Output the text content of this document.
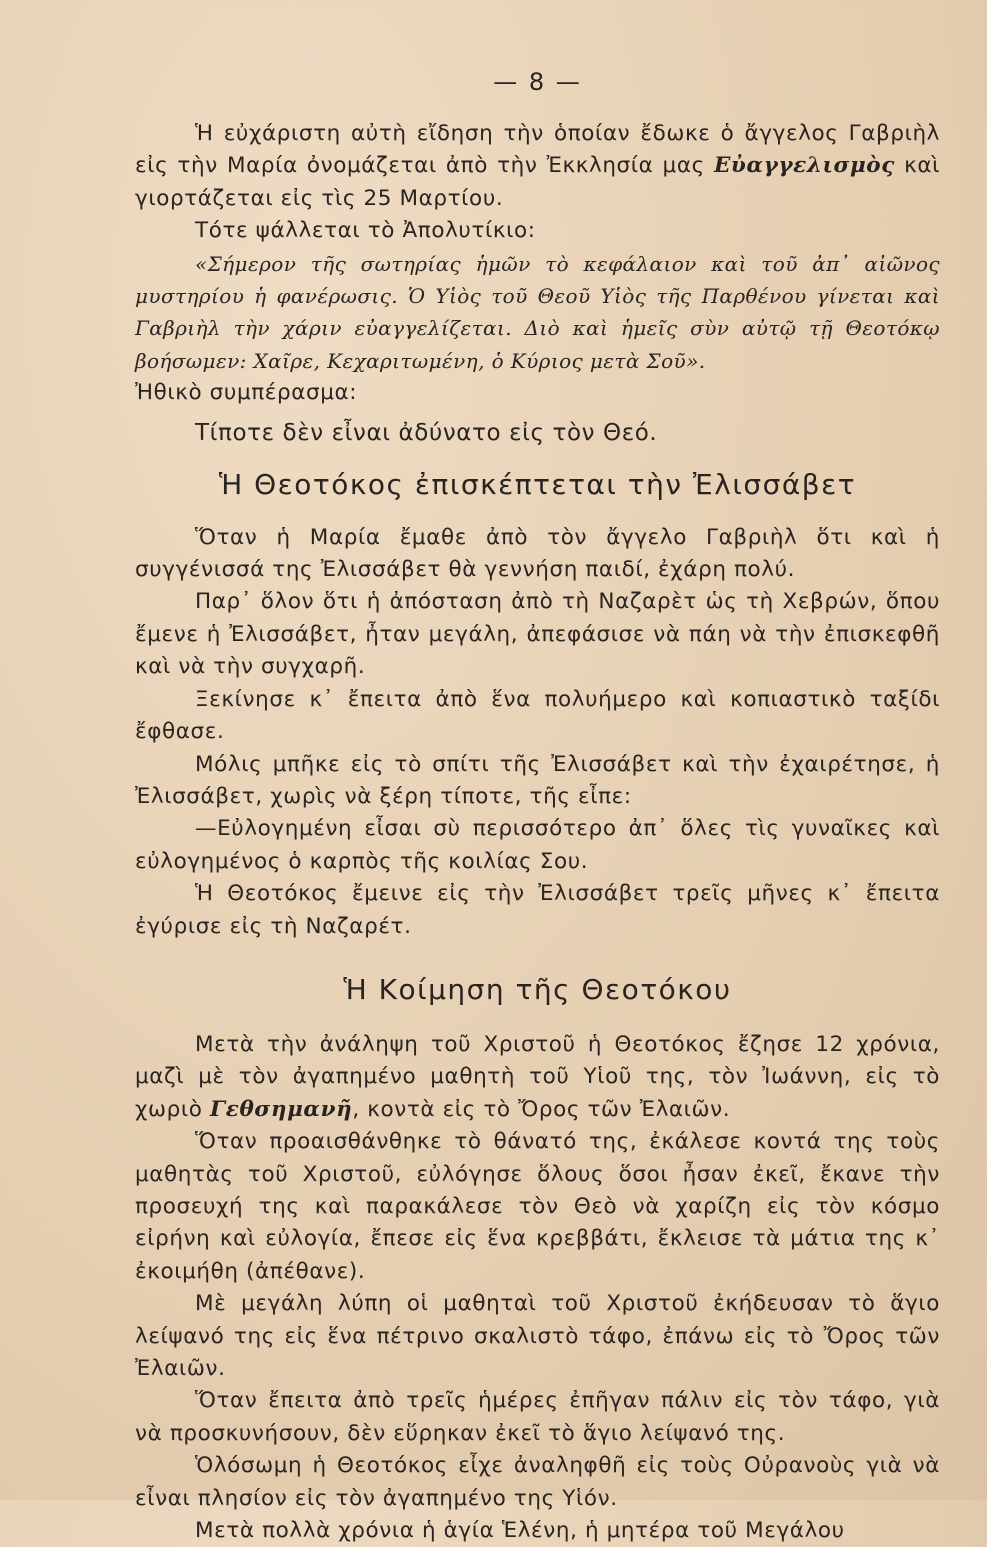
— 8 —

Ἡ εὐχάριστη αὐτὴ εἴδηση τὴν ὁποίαν ἔδωκε ὁ ἄγγελος Γαβριὴλ εἰς τὴν Μαρία ὀνομάζεται ἀπὸ τὴν Ἐκκλησία μας Εὐαγγελισμὸς καὶ γιορτάζεται εἰς τὶς 25 Μαρτίου.

Τότε ψάλλεται τὸ Ἀπολυτίκιο:

«Σήμερον τῆς σωτηρίας ἡμῶν τὸ κεφάλαιον καὶ τοῦ ἀπ᾿ αἰῶνος μυστηρίου ἡ φανέρωσις. Ὁ Υἱὸς τοῦ Θεοῦ Υἱὸς τῆς Παρθένου γίνεται καὶ Γαβριὴλ τὴν χάριν εὐαγγελίζεται. Διὸ καὶ ἡμεῖς σὺν αὐτῷ τῇ Θεοτόκῳ βοήσωμεν: Χαῖρε, Κεχαριτωμένη, ὁ Κύριος μετὰ Σοῦ».

Ἠθικὸ συμπέρασμα:

Τίποτε δὲν εἶναι ἀδύνατο εἰς τὸν Θεό.

Ἡ Θεοτόκος ἐπισκέπτεται τὴν Ἐλισσάβετ

Ὅταν ἡ Μαρία ἔμαθε ἀπὸ τὸν ἄγγελο Γαβριὴλ ὅτι καὶ ἡ συγγένισσά της Ἐλισσάβετ θὰ γεννήση παιδί, ἐχάρη πολύ.

Παρ᾿ ὅλον ὅτι ἡ ἀπόσταση ἀπὸ τὴ Ναζαρὲτ ὡς τὴ Χεβρών, ὅπου ἔμενε ἡ Ἐλισσάβετ, ἦταν μεγάλη, ἀπεφάσισε νὰ πάη νὰ τὴν ἐπισκεφθῆ καὶ νὰ τὴν συγχαρῆ.

Ξεκίνησε κ᾿ ἔπειτα ἀπὸ ἕνα πολυήμερο καὶ κοπιαστικὸ ταξίδι ἔφθασε.

Μόλις μπῆκε εἰς τὸ σπίτι τῆς Ἐλισσάβετ καὶ τὴν ἐχαιρέτησε, ἡ Ἐλισσάβετ, χωρὶς νὰ ξέρη τίποτε, τῆς εἶπε:

—Εὐλογημένη εἶσαι σὺ περισσότερο ἀπ᾿ ὅλες τὶς γυναῖκες καὶ εὐλογημένος ὁ καρπὸς τῆς κοιλίας Σου.

Ἡ Θεοτόκος ἔμεινε εἰς τὴν Ἐλισσάβετ τρεῖς μῆνες κ᾿ ἔπειτα ἐγύρισε εἰς τὴ Ναζαρέτ.

Ἡ Κοίμηση τῆς Θεοτόκου

Μετὰ τὴν ἀνάληψη τοῦ Χριστοῦ ἡ Θεοτόκος ἔζησε 12 χρόνια, μαζὶ μὲ τὸν ἀγαπημένο μαθητὴ τοῦ Υἱοῦ της, τὸν Ἰωάννη, εἰς τὸ χωριὸ Γεθσημανῆ, κοντὰ εἰς τὸ Ὄρος τῶν Ἐλαιῶν.

Ὅταν προαισθάνθηκε τὸ θάνατό της, ἐκάλεσε κοντά της τοὺς μαθητὰς τοῦ Χριστοῦ, εὐλόγησε ὅλους ὅσοι ἦσαν ἐκεῖ, ἔκανε τὴν προσευχή της καὶ παρακάλεσε τὸν Θεὸ νὰ χαρίζη εἰς τὸν κόσμο εἰρήνη καὶ εὐλογία, ἔπεσε εἰς ἕνα κρεββάτι, ἔκλεισε τὰ μάτια της κ᾿ ἐκοιμήθη (ἀπέθανε).

Μὲ μεγάλη λύπη οἱ μαθηταὶ τοῦ Χριστοῦ ἐκήδευσαν τὸ ἅγιο λείψανό της εἰς ἕνα πέτρινο σκαλιστὸ τάφο, ἐπάνω εἰς τὸ Ὄρος τῶν Ἐλαιῶν.

Ὅταν ἔπειτα ἀπὸ τρεῖς ἡμέρες ἐπῆγαν πάλιν εἰς τὸν τάφο, γιὰ νὰ προσκυνήσουν, δὲν εὕρηκαν ἐκεῖ τὸ ἅγιο λείψανό της.

Ὁλόσωμη ἡ Θεοτόκος εἶχε ἀναληφθῆ εἰς τοὺς Οὐρανοὺς γιὰ νὰ εἶναι πλησίον εἰς τὸν ἀγαπημένο της Υἱόν.

Μετὰ πολλὰ χρόνια ἡ ἁγία Ἑλένη, ἡ μητέρα τοῦ Μεγάλου
